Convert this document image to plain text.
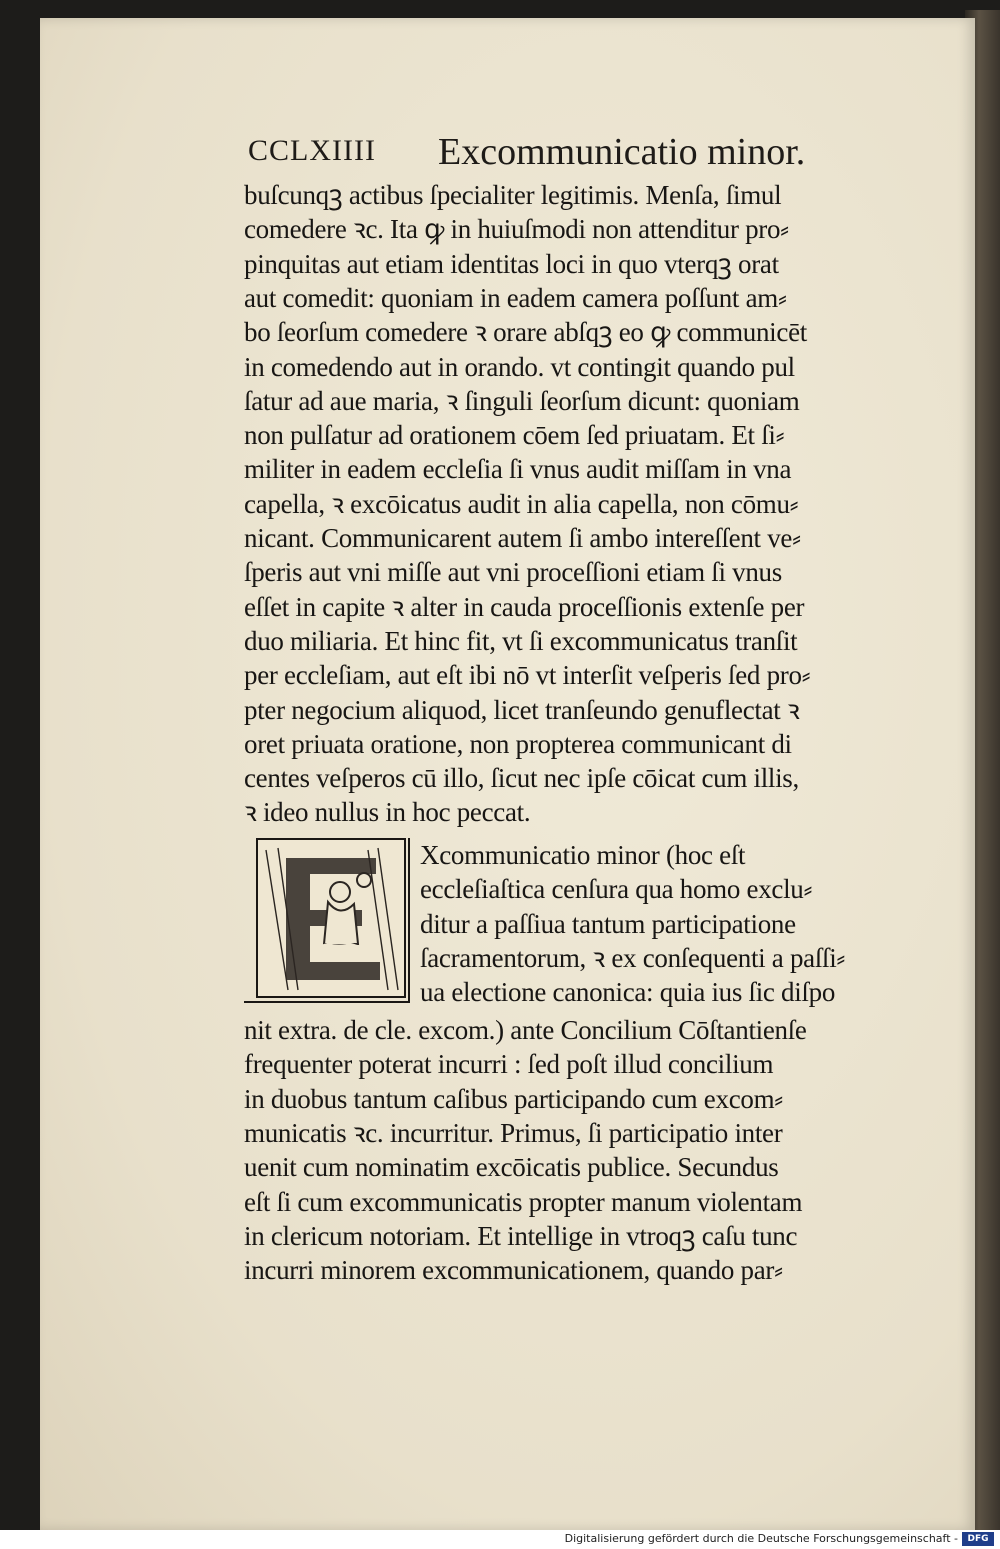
CCLXIIII Excommunicatio minor.
buſcunqꝫ actibus ſpecialiter legitimis. Menſa, ſimul
comedere ꝛc. Ita ꝙ in huiuſmodi non attenditur pro⸗
pinquitas aut etiam identitas loci in quo vterqꝫ orat
aut comedit: quoniam in eadem camera poſſunt am⸗
bo ſeorſum comedere ꝛ orare abſqꝫ eo ꝙ communicēt
in comedendo aut in orando. vt contingit quando pul
ſatur ad aue maria, ꝛ ſinguli ſeorſum dicunt: quoniam
non pulſatur ad orationem cōem ſed priuatam. Et ſi⸗
militer in eadem eccleſia ſi vnus audit miſſam in vna
capella, ꝛ excōicatus audit in alia capella, non cōmu⸗
nicant. Communicarent autem ſi ambo intereſſent ve⸗
ſperis aut vni miſſe aut vni proceſſioni etiam ſi vnus
eſſet in capite ꝛ alter in cauda proceſſionis extenſe per
duo miliaria. Et hinc fit, vt ſi excommunicatus tranſit
per eccleſiam, aut eſt ibi nō vt interſit veſperis ſed pro⸗
pter negocium aliquod, licet tranſeundo genuflectat ꝛ
oret priuata oratione, non propterea communicant di
centes veſperos cū illo, ſicut nec ipſe cōicat cum illis,
ꝛ ideo nullus in hoc peccat.
Xcommunicatio minor (hoc eſt
eccleſiaſtica cenſura qua homo exclu⸗
ditur a paſſiua tantum participatione
ſacramentorum, ꝛ ex conſequenti a paſſi⸗
ua electione canonica: quia ius ſic diſpo
nit extra. de cle. excom.) ante Concilium Cōſtantienſe
frequenter poterat incurri : ſed poſt illud concilium
in duobus tantum caſibus participando cum excom⸗
municatis ꝛc. incurritur. Primus, ſi participatio inter
uenit cum nominatim excōicatis publice. Secundus
eſt ſi cum excommunicatis propter manum violentam
in clericum notoriam. Et intellige in vtroqꝫ caſu tunc
incurri minorem excommunicationem, quando par⸗
Digitalisierung gefördert durch die Deutsche Forschungsgemeinschaft -	DFG
